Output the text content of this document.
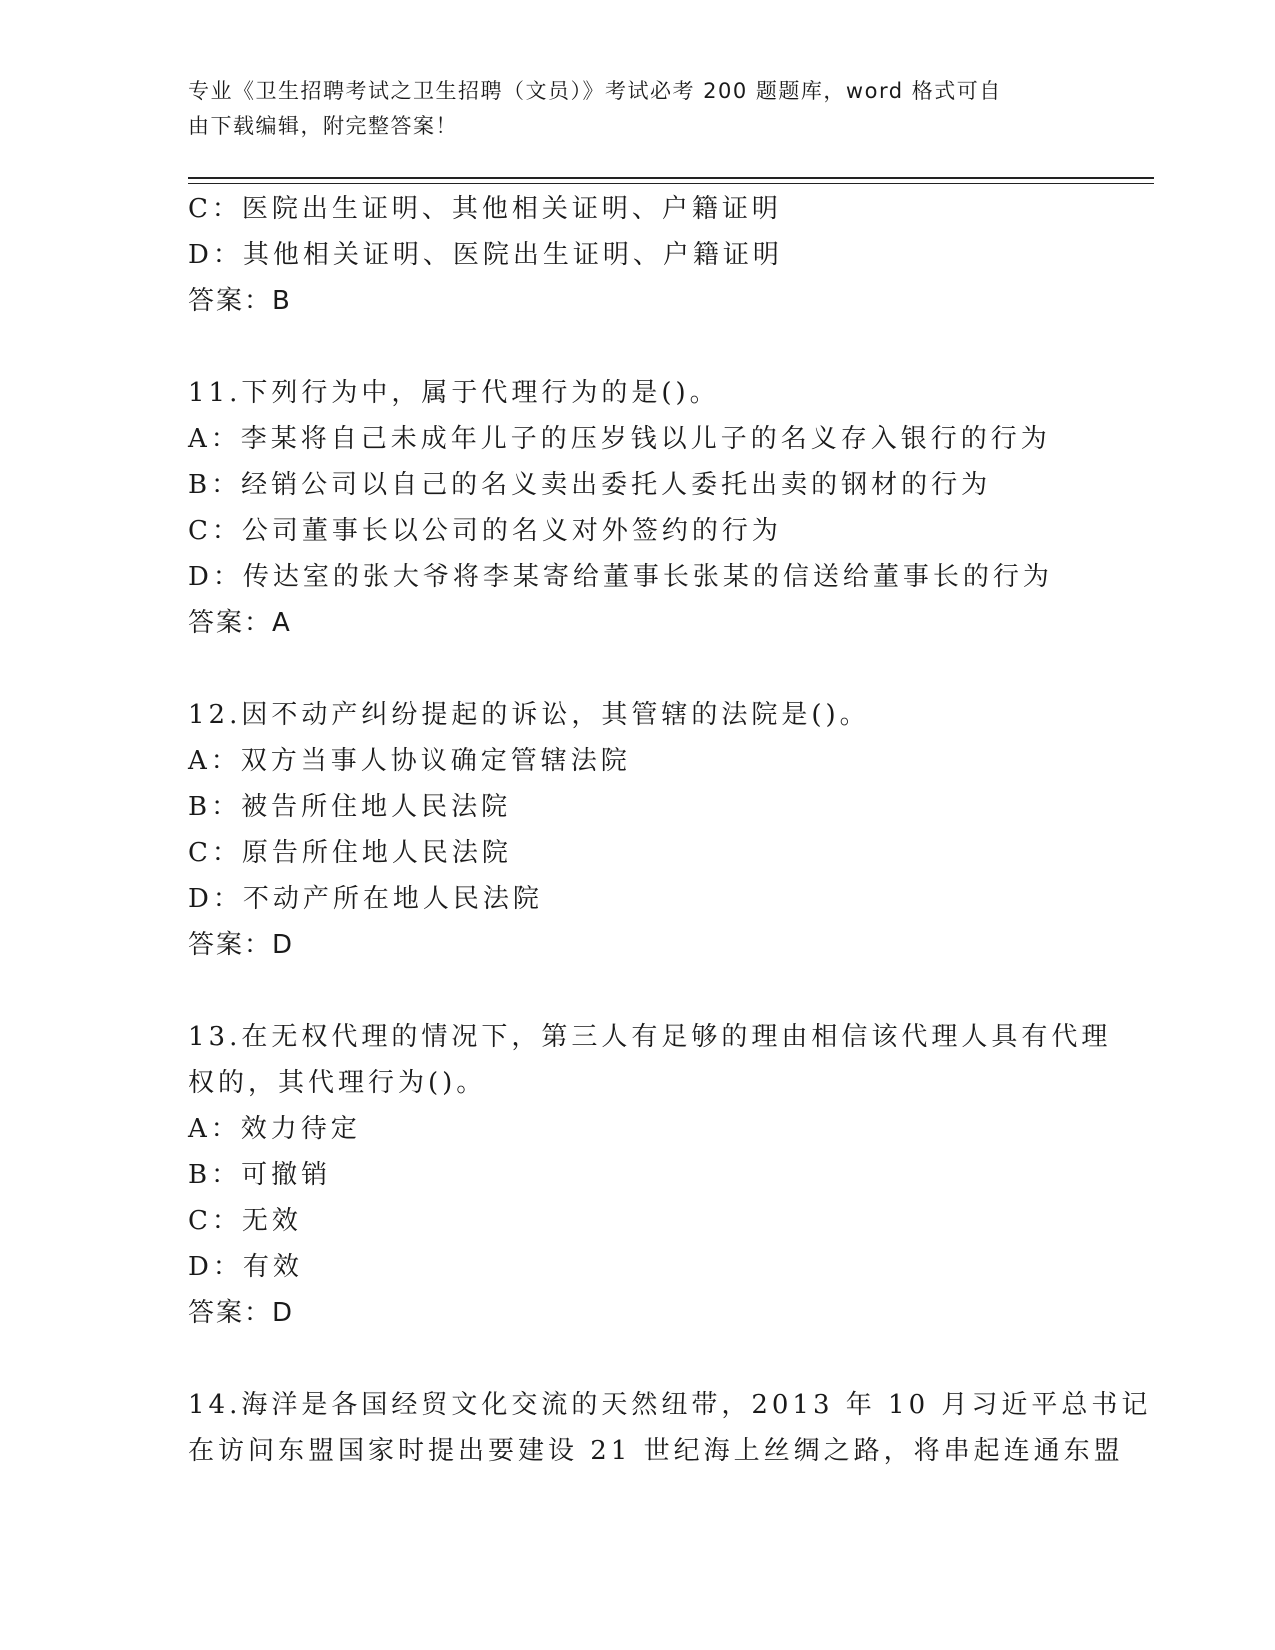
专业《卫生招聘考试之卫生招聘（文员）》考试必考 200 题题库，word 格式可自
由下载编辑，附完整答案！
C：医院出生证明、其他相关证明、户籍证明
D：其他相关证明、医院出生证明、户籍证明
答案：B
11.下列行为中，属于代理行为的是()。
A：李某将自己未成年儿子的压岁钱以儿子的名义存入银行的行为
B：经销公司以自己的名义卖出委托人委托出卖的钢材的行为
C：公司董事长以公司的名义对外签约的行为
D：传达室的张大爷将李某寄给董事长张某的信送给董事长的行为
答案：A
12.因不动产纠纷提起的诉讼，其管辖的法院是()。
A：双方当事人协议确定管辖法院
B：被告所住地人民法院
C：原告所住地人民法院
D：不动产所在地人民法院
答案：D
13.在无权代理的情况下，第三人有足够的理由相信该代理人具有代理
权的，其代理行为()。
A：效力待定
B：可撤销
C：无效
D：有效
答案：D
14.海洋是各国经贸文化交流的天然纽带，2013 年 10 月习近平总书记
在访问东盟国家时提出要建设 21 世纪海上丝绸之路，将串起连通东盟
